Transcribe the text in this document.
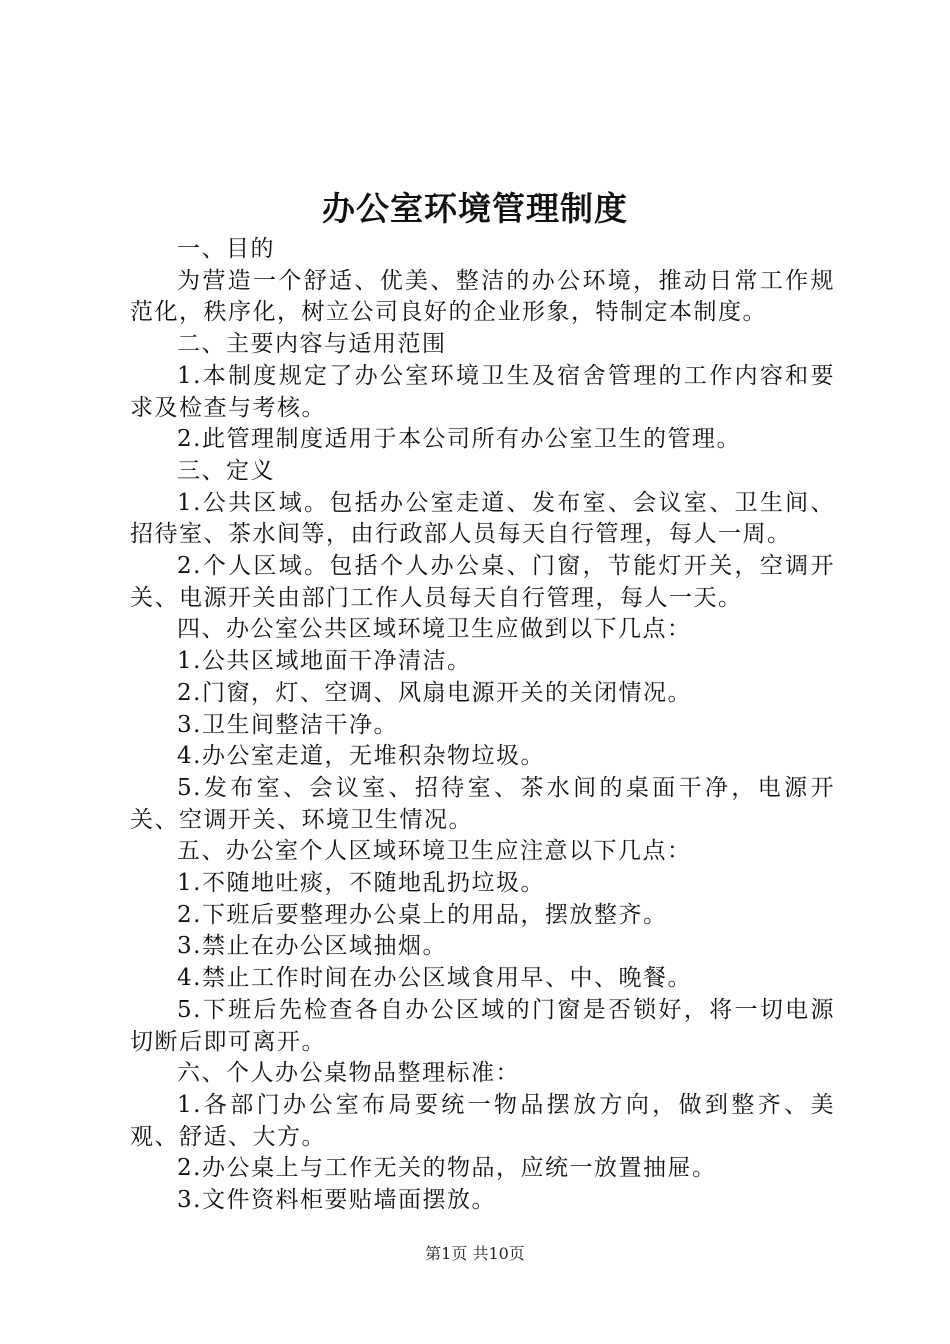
办公室环境管理制度

一、目的

为营造一个舒适、优美、整洁的办公环境，推动日常工作规范化，秩序化，树立公司良好的企业形象，特制定本制度。

二、主要内容与适用范围

1.本制度规定了办公室环境卫生及宿舍管理的工作内容和要求及检查与考核。

2.此管理制度适用于本公司所有办公室卫生的管理。

三、定义

1.公共区域。包括办公室走道、发布室、会议室、卫生间、招待室、茶水间等，由行政部人员每天自行管理，每人一周。

2.个人区域。包括个人办公桌、门窗，节能灯开关，空调开关、电源开关由部门工作人员每天自行管理，每人一天。

四、办公室公共区域环境卫生应做到以下几点：

1.公共区域地面干净清洁。

2.门窗，灯、空调、风扇电源开关的关闭情况。

3.卫生间整洁干净。

4.办公室走道，无堆积杂物垃圾。

5.发布室、会议室、招待室、茶水间的桌面干净，电源开关、空调开关、环境卫生情况。

五、办公室个人区域环境卫生应注意以下几点：

1.不随地吐痰，不随地乱扔垃圾。

2.下班后要整理办公桌上的用品，摆放整齐。

3.禁止在办公区域抽烟。

4.禁止工作时间在办公区域食用早、中、晚餐。

5.下班后先检查各自办公区域的门窗是否锁好，将一切电源切断后即可离开。

六、个人办公桌物品整理标准：

1.各部门办公室布局要统一物品摆放方向，做到整齐、美观、舒适、大方。

2.办公桌上与工作无关的物品，应统一放置抽屉。

3.文件资料柜要贴墙面摆放。

第1页 共10页
